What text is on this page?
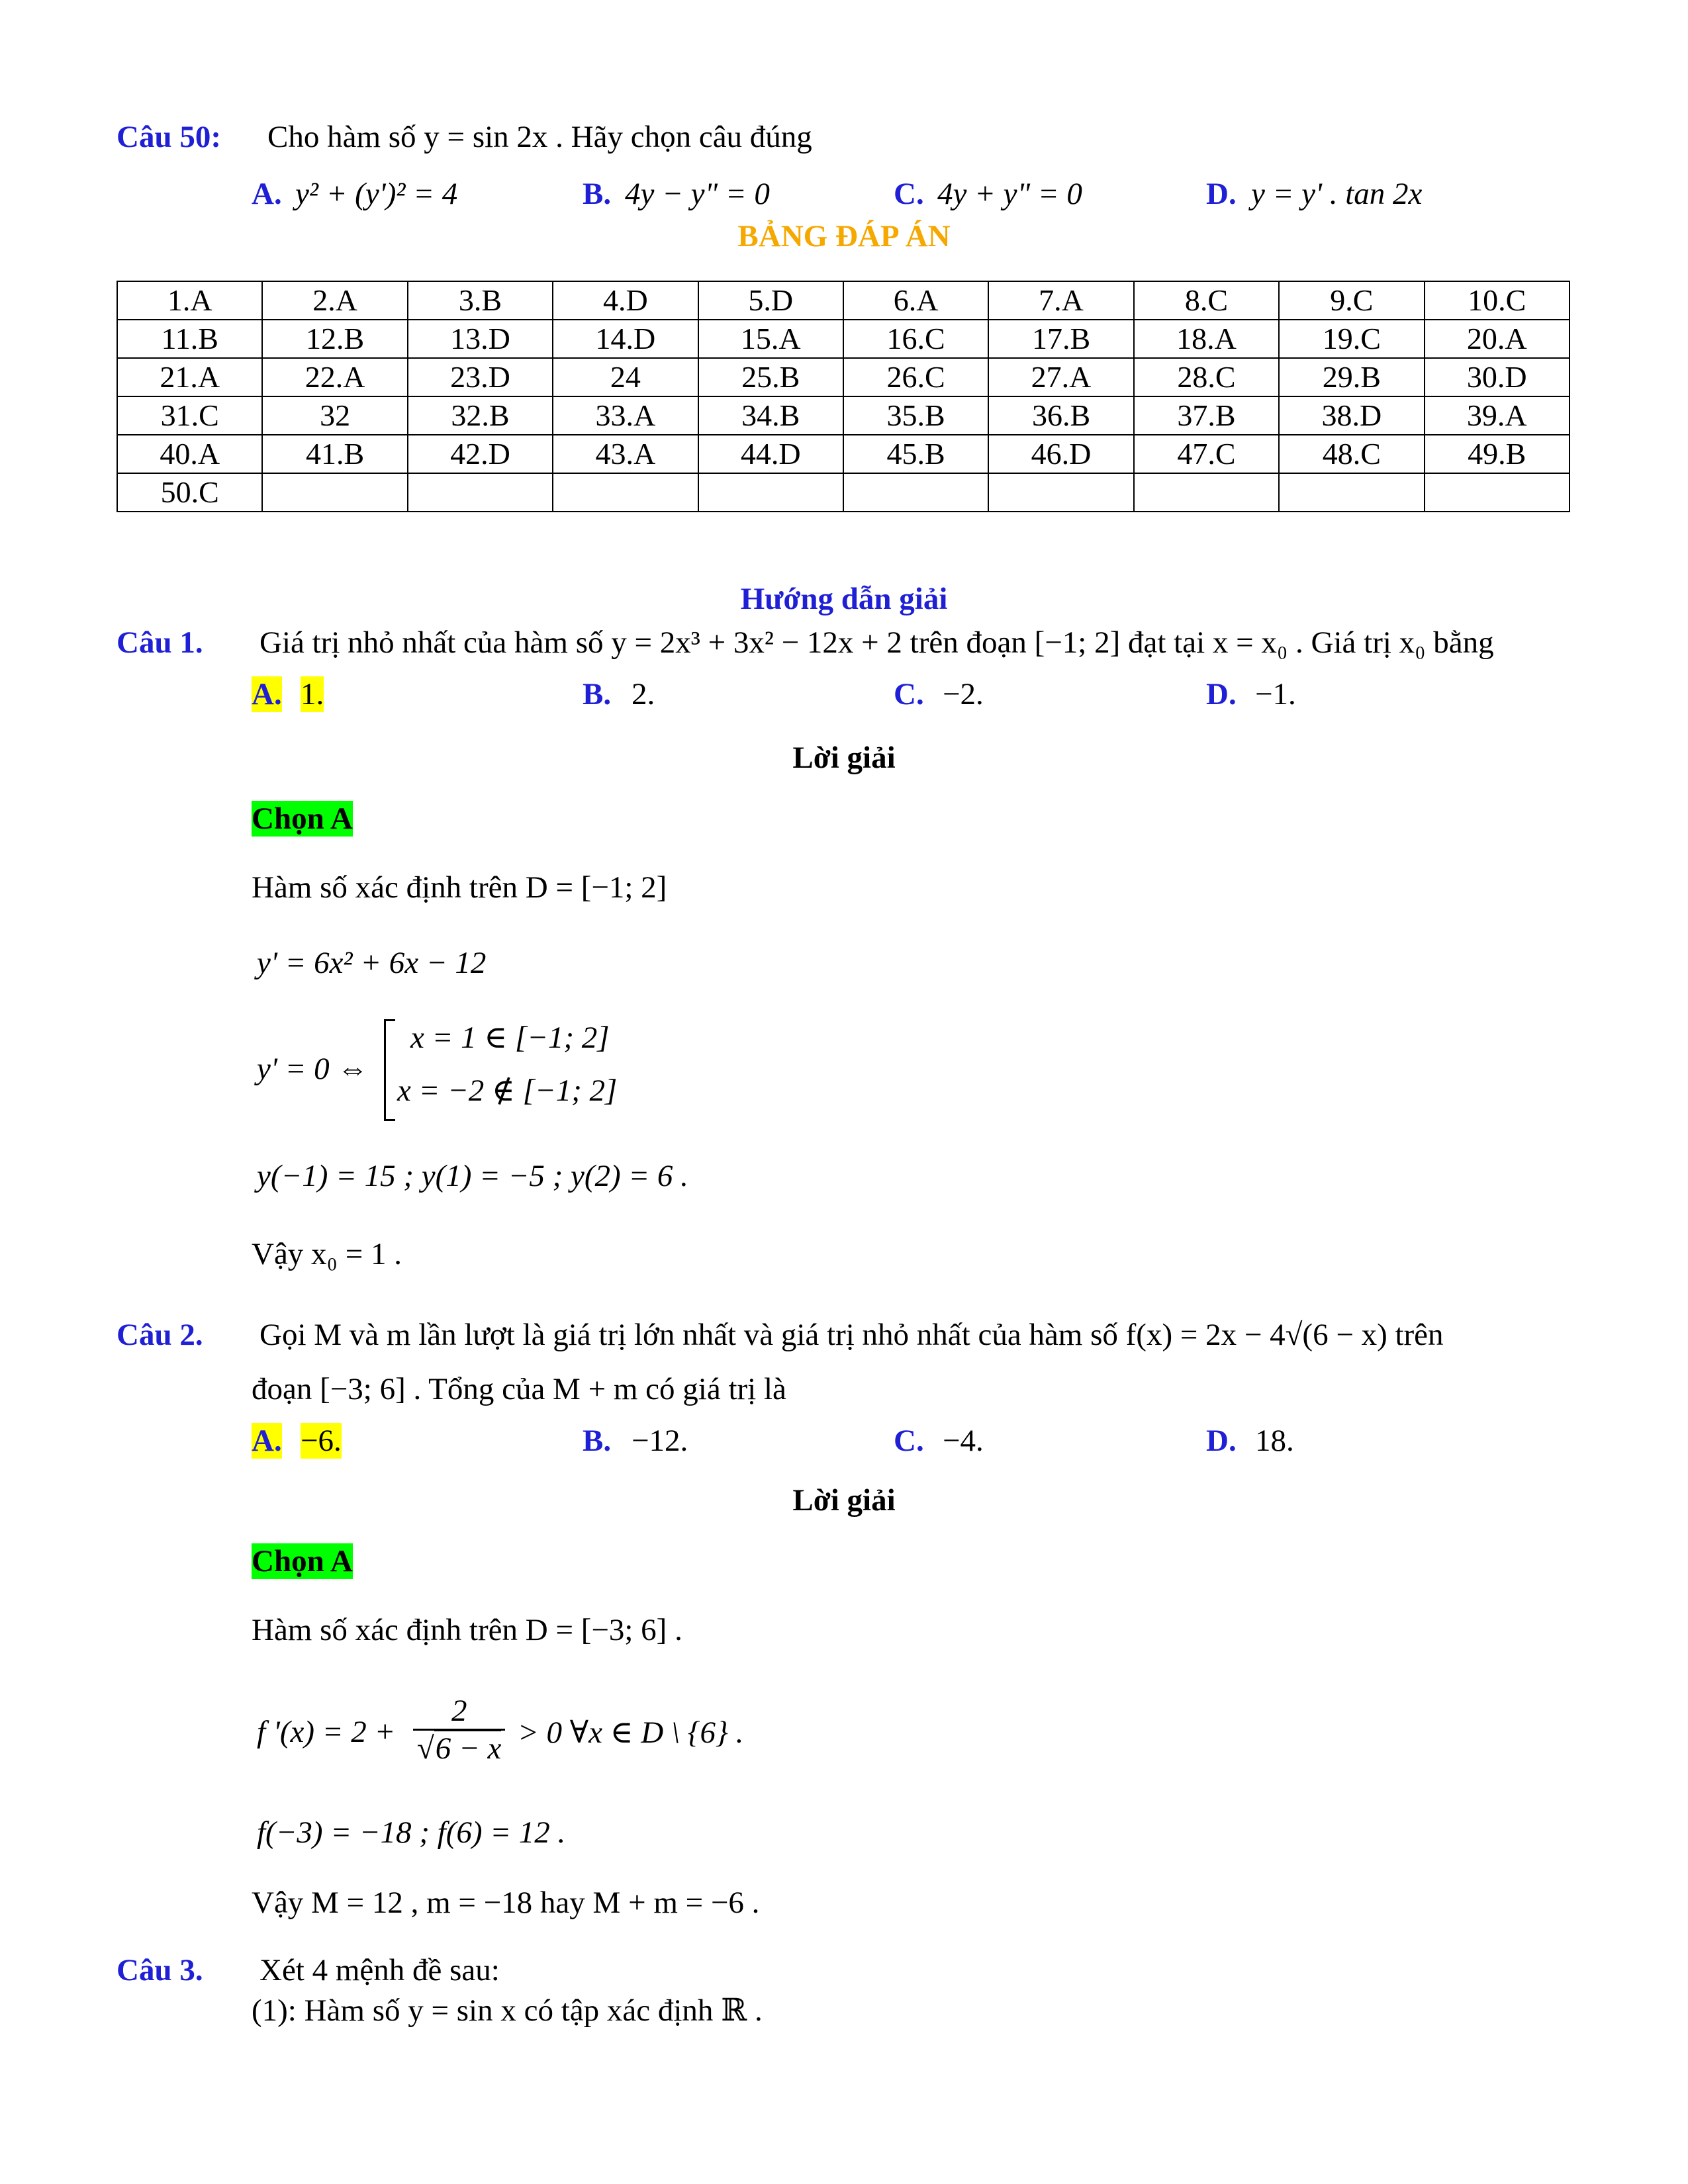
Câu 50: Cho hàm số y = sin 2x . Hãy chọn câu đúng
A. y² + (y')² = 4	B. 4y − y" = 0	C. 4y + y" = 0	D. y = y' . tan 2x
BẢNG ĐÁP ÁN
1.A	2.A	3.B	4.D	5.D	6.A	7.A	8.C	9.C	10.C
11.B	12.B	13.D	14.D	15.A	16.C	17.B	18.A	19.C	20.A
21.A	22.A	23.D	24	25.B	26.C	27.A	28.C	29.B	30.D
31.C	32	32.B	33.A	34.B	35.B	36.B	37.B	38.D	39.A
40.A	41.B	42.D	43.A	44.D	45.B	46.D	47.C	48.C	49.B
50.C									
Hướng dẫn giải
Câu 1. Giá trị nhỏ nhất của hàm số y = 2x³ + 3x² − 12x + 2 trên đoạn [−1; 2] đạt tại x = x₀ . Giá trị x₀ bằng
A. 1.	B. 2.	C. −2.	D. −1.
Lời giải
Chọn A
Hàm số xác định trên D = [−1; 2]
y' = 6x² + 6x − 12
y' = 0 ⇔
x = 1 ∈ [−1; 2]
x = −2 ∉ [−1; 2]
y(−1) = 15 ; y(1) = −5 ; y(2) = 6 .
Vậy x₀ = 1 .
Câu 2. Gọi M và m lần lượt là giá trị lớn nhất và giá trị nhỏ nhất của hàm số f(x) = 2x − 4√(6 − x) trên
đoạn [−3; 6] . Tổng của M + m có giá trị là
A. −6.	B. −12.	C. −4.	D. 18.
Lời giải
Chọn A
Hàm số xác định trên D = [−3; 6] .
f '$(x) = 2 + \frac{2}{√6 - x} > 0$ ∀x ∈ D \ {6} .
f(−3) = −18 ; f(6) = 12 .
Vậy M = 12 , m = −18 hay M + m = −6 .
Câu 3. Xét 4 mệnh đề sau:
(1): Hàm số y = sin x có tập xác định ℝ .
